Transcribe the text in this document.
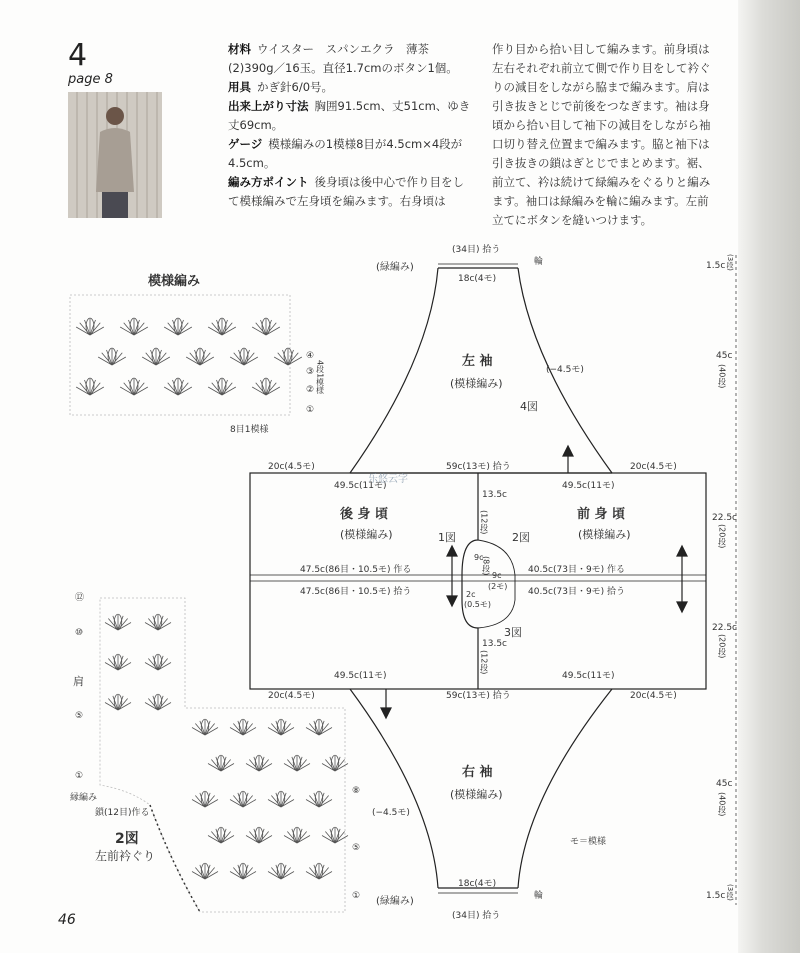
4
page 8
材料 ウイスター　スパンエクラ　薄茶(2)390g／16玉。直径1.7cmのボタン1個。
用具 かぎ針6/0号。
出来上がり寸法 胸囲91.5cm、丈51cm、ゆき丈69cm。
ゲージ 模様編みの1模様8目が4.5cm×4段が4.5cm。
編み方ポイント 後身頃は後中心で作り目をして模様編みで左身頃を編みます。右身頃は
作り目から拾い目して編みます。前身頃は左右それぞれ前立て側で作り目をして衿ぐりの減目をしながら脇まで編みます。肩は引き抜きとじで前後をつなぎます。袖は身頃から拾い目して袖下の減目をしながら袖口切り替え位置まで編みます。脇と袖下は引き抜きの鎖はぎとじでまとめます。裾、前立て、衿は続けて緑編みをぐるりと編みます。袖口は緑編みを輪に編みます。左前立てにボタンを縫いつけます。
模様編み
④
③
②
①
4段1模様
8目1模様
⑫
⑩
肩
⑤
①
縁編み
鎖(12目)作る
⑧
⑤
①
2図
左前衿ぐり
左 袖
(模様編み)
4図
右 袖
(模様編み)
後 身 頃
(模様編み)
前 身 頃
(模様編み)
1図	2図
3図
(34目) 拾う
輪
(緑編み)
18c(4モ)
(−4.5モ)
20c(4.5モ)	59c(13モ) 拾う	20c(4.5モ)
49.5c(11モ)	49.5c(11モ)
13.5c
(12段)
9c
(8段)
9c
(2モ)
2c
(0.5モ)
13.5c
(12段)
47.5c(86目・10.5モ) 作る
47.5c(86目・10.5モ) 拾う
40.5c(73目・9モ) 作る
40.5c(73目・9モ) 拾う
49.5c(11モ)	49.5c(11モ)
20c(4.5モ)	59c(13モ) 拾う	20c(4.5モ)
(−4.5モ)
(緑編み)
18c(4モ)
輪
(34目) 拾う
モ＝模様
1.5c (3段)
45c
(40段)
22.5c
(20段)
22.5c
(20段)
45c
(40段)
1.5c (3段)
乐悠云字
46
